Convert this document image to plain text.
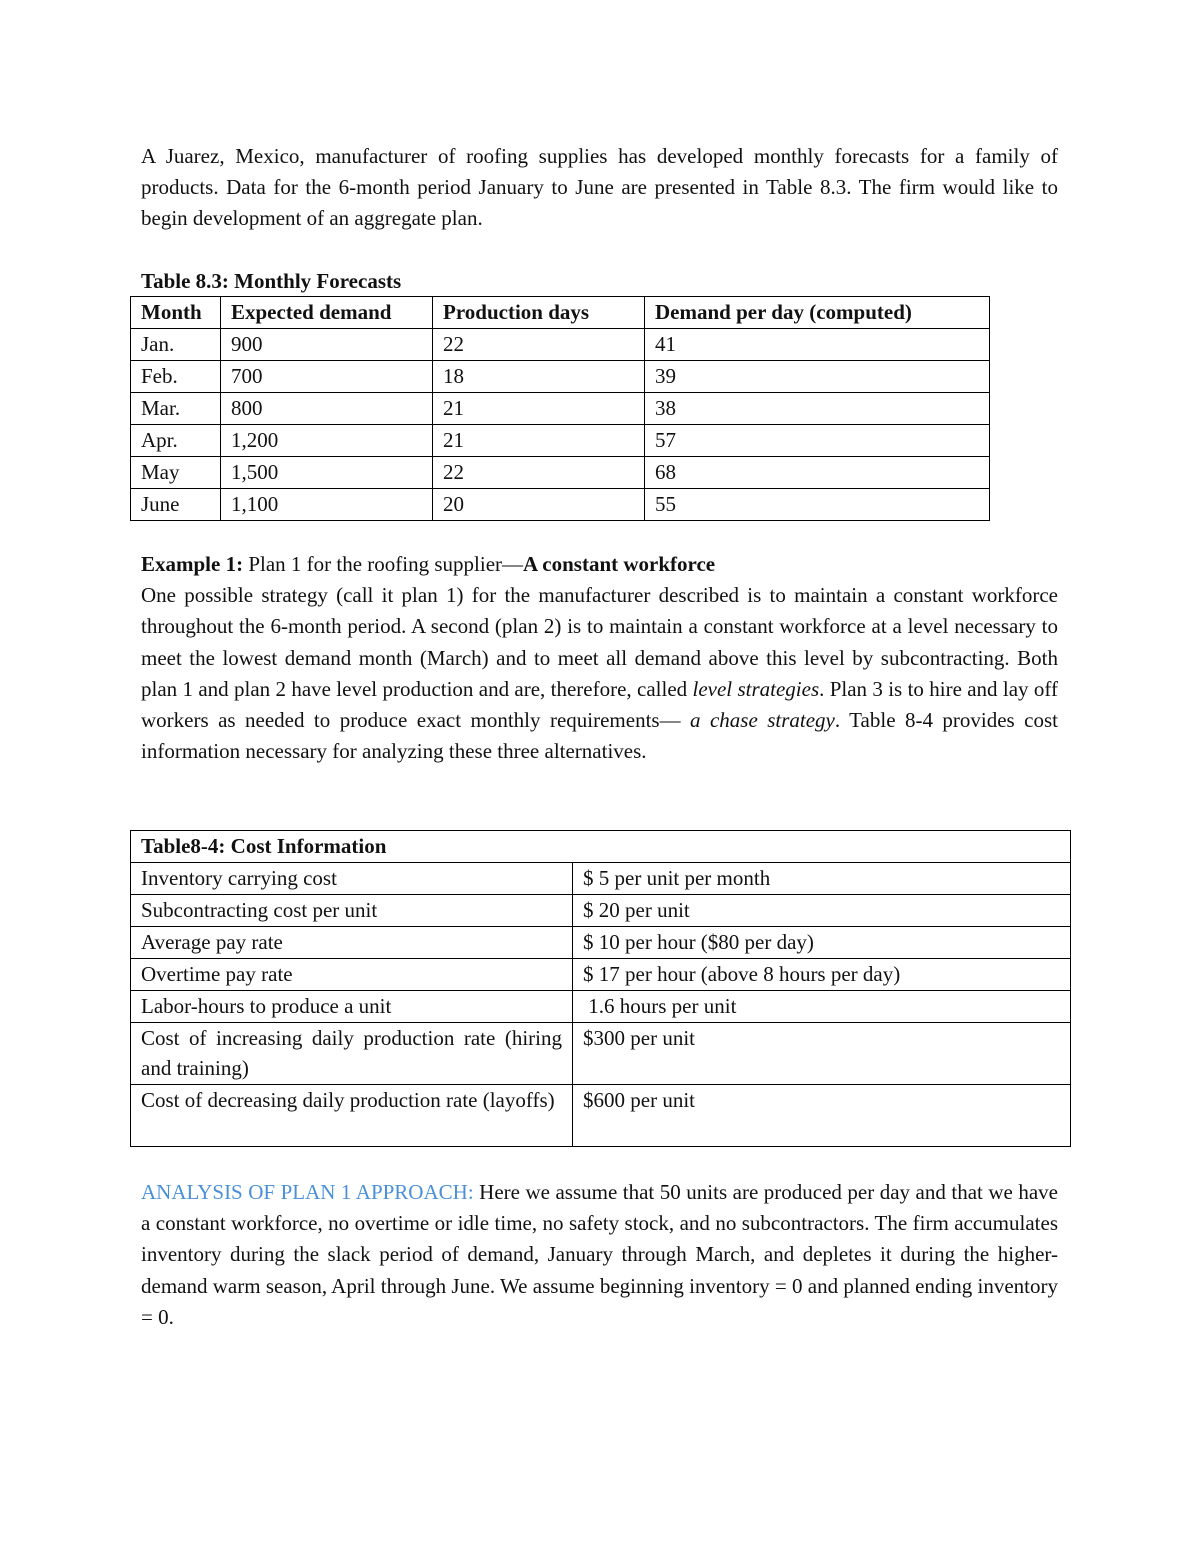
A Juarez, Mexico, manufacturer of roofing supplies has developed monthly forecasts for a family of products. Data for the 6-month period January to June are presented in Table 8.3. The firm would like to begin development of an aggregate plan.

Table 8.3: Monthly Forecasts
Month	Expected demand	Production days	Demand per day (computed)
Jan.	900	22	41
Feb.	700	18	39
Mar.	800	21	38
Apr.	1,200	21	57
May	1,500	22	68
June	1,100	20	55
Example 1: Plan 1 for the roofing supplier—A constant workforce
One possible strategy (call it plan 1) for the manufacturer described is to maintain a constant workforce throughout the 6-month period. A second (plan 2) is to maintain a constant workforce at a level necessary to meet the lowest demand month (March) and to meet all demand above this level by subcontracting. Both plan 1 and plan 2 have level production and are, therefore, called level strategies. Plan 3 is to hire and lay off workers as needed to produce exact monthly requirements— a chase strategy. Table 8-4 provides cost information necessary for analyzing these three alternatives.
Table8-4: Cost Information	
Inventory carrying cost	$ 5 per unit per month
Subcontracting cost per unit	$ 20 per unit
Average pay rate	$ 10 per hour ($80 per day)
Overtime pay rate	$ 17 per hour (above 8 hours per day)
Labor-hours to produce a unit	1.6 hours per unit
Cost of increasing daily production rate (hiring and training)	$300 per unit
Cost of decreasing daily production rate (layoffs)	$600 per unit

ANALYSIS OF PLAN 1 APPROACH: Here we assume that 50 units are produced per day and that we have a constant workforce, no overtime or idle time, no safety stock, and no subcontractors. The firm accumulates inventory during the slack period of demand, January through March, and depletes it during the higher-demand warm season, April through June. We assume beginning inventory = 0 and planned ending inventory = 0.
